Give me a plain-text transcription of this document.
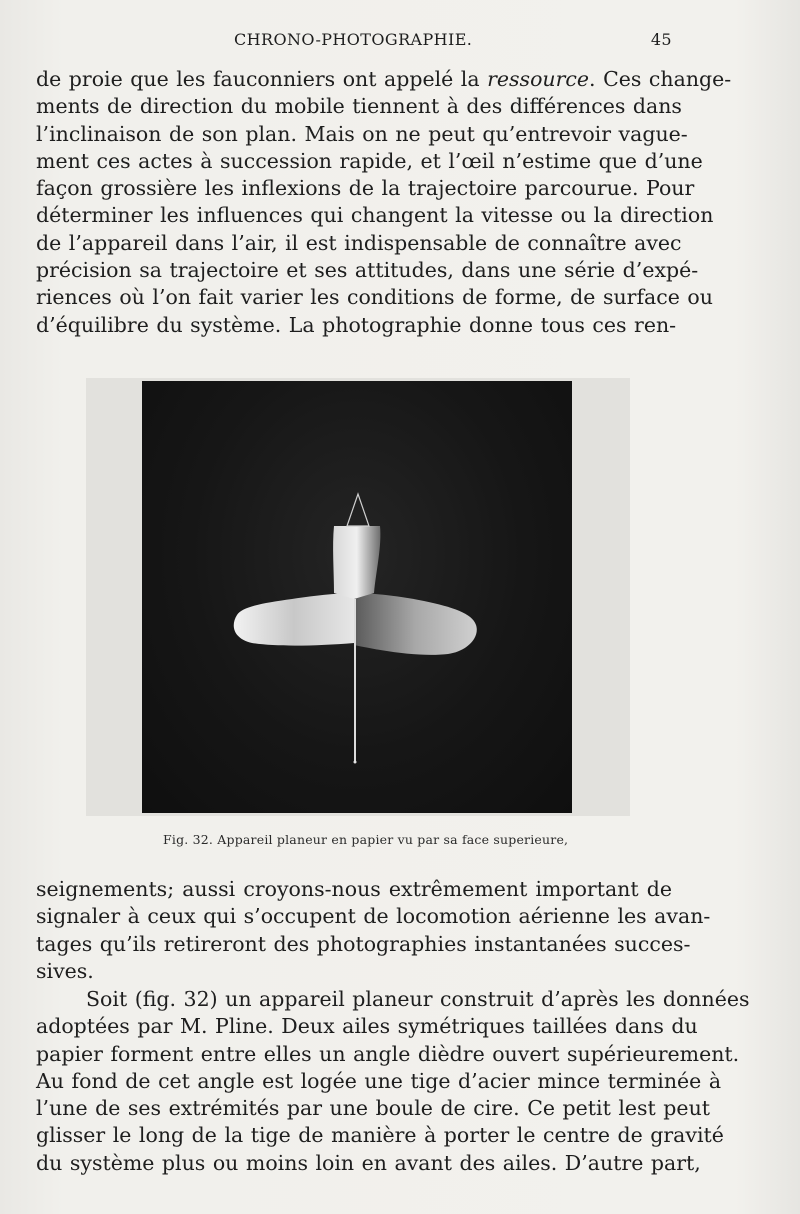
CHRONO-PHOTOGRAPHIE.	45
de proie que les fauconniers ont appelé la ressource. Ces change-
ments de direction du mobile tiennent à des différences dans
l’inclinaison de son plan. Mais on ne peut qu’entrevoir vague-
ment ces actes à succession rapide, et l’œil n’estime que d’une
façon grossière les inflexions de la trajectoire parcourue. Pour
déterminer les influences qui changent la vitesse ou la direction
de l’appareil dans l’air, il est indispensable de connaître avec
précision sa trajectoire et ses attitudes, dans une série d’expé-
riences où l’on fait varier les conditions de forme, de surface ou
d’équilibre du système. La photographie donne tous ces ren-
Fig. 32. Appareil planeur en papier vu par sa face superieure,
seignements; aussi croyons-nous extrêmement important de
signaler à ceux qui s’occupent de locomotion aérienne les avan-
tages qu’ils retireront des photographies instantanées succes-
sives.
Soit (fig. 32) un appareil planeur construit d’après les données
adoptées par M. Pline. Deux ailes symétriques taillées dans du
papier forment entre elles un angle dièdre ouvert supérieurement.
Au fond de cet angle est logée une tige d’acier mince terminée à
l’une de ses extrémités par une boule de cire. Ce petit lest peut
glisser le long de la tige de manière à porter le centre de gravité
du système plus ou moins loin en avant des ailes. D’autre part,
